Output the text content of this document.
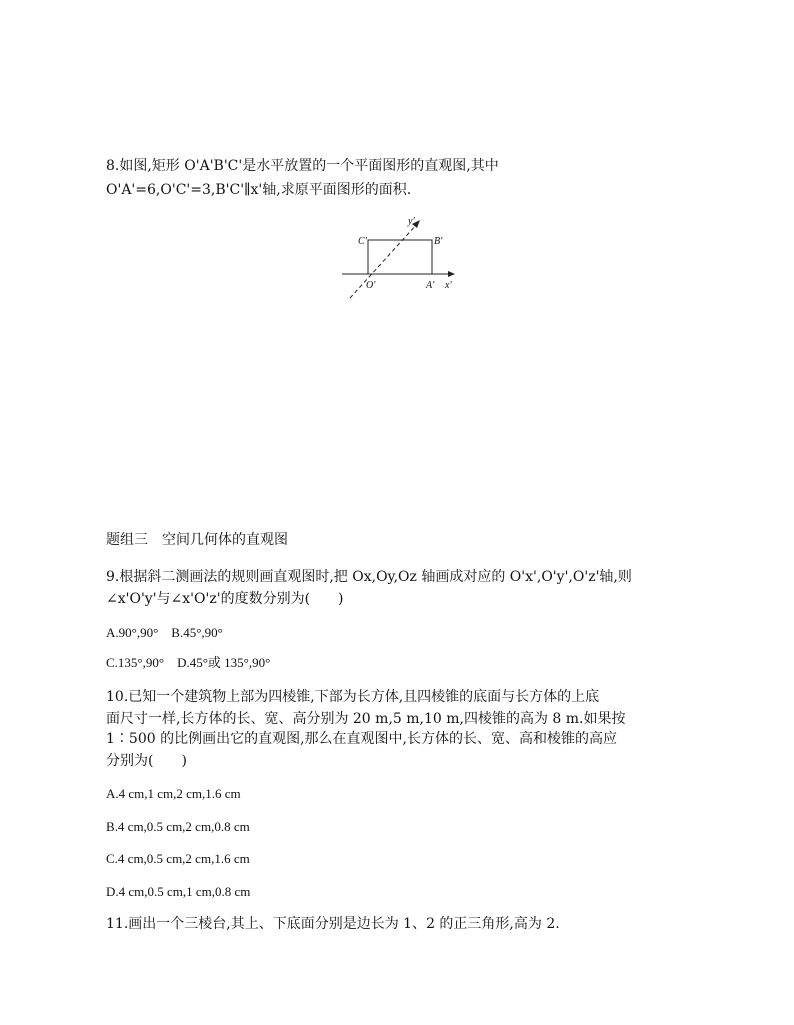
8.如图,矩形 O'A'B'C'是水平放置的一个平面图形的直观图,其中
O'A'=6,O'C'=3,B'C'∥x'轴,求原平面图形的面积.
C'	B'
O'	A' x'
y'
题组三　空间几何体的直观图
9.根据斜二测画法的规则画直观图时,把 Ox,Oy,Oz 轴画成对应的 O'x',O'y',O'z'轴,则
∠x'O'y'与∠x'O'z'的度数分别为(　　)
A.90°,90°　B.45°,90°
C.135°,90°　D.45°或 135°,90°
10.已知一个建筑物上部为四棱锥,下部为长方体,且四棱锥的底面与长方体的上底
面尺寸一样,长方体的长、宽、高分别为 20 m,5 m,10 m,四棱锥的高为 8 m.如果按
1∶500 的比例画出它的直观图,那么在直观图中,长方体的长、宽、高和棱锥的高应
分别为(　　)
A.4 cm,1 cm,2 cm,1.6 cm
B.4 cm,0.5 cm,2 cm,0.8 cm
C.4 cm,0.5 cm,2 cm,1.6 cm
D.4 cm,0.5 cm,1 cm,0.8 cm
11.画出一个三棱台,其上、下底面分别是边长为 1、2 的正三角形,高为 2.
